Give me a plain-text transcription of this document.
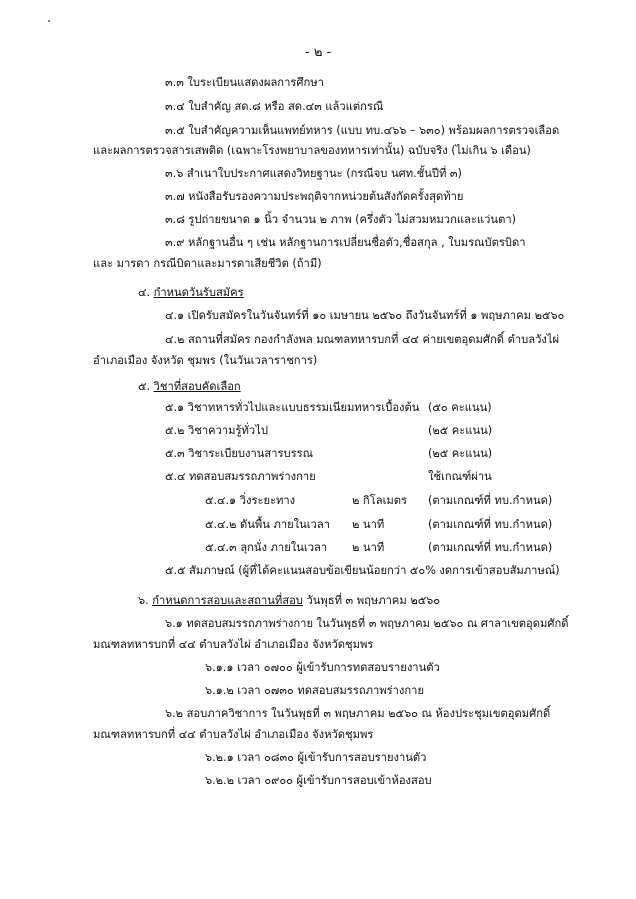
- ๒ -
๓.๓ ใบระเบียนแสดงผลการศึกษา
๓.๔ ใบสำคัญ สด.๘ หรือ สด.๔๓ แล้วแต่กรณี
๓.๕ ใบสำคัญความเห็นแพทย์ทหาร (แบบ ทบ.๔๖๖ – ๖๓๐) พร้อมผลการตรวจเลือด
และผลการตรวจสารเสพติด (เฉพาะโรงพยาบาลของทหารเท่านั้น) ฉบับจริง (ไม่เกิน ๖ เดือน)
๓.๖ สำเนาใบประกาศแสดงวิทยฐานะ (กรณีจบ นศท.ชั้นปีที่ ๓)
๓.๗ หนังสือรับรองความประพฤติจากหน่วยต้นสังกัดครั้งสุดท้าย
๓.๘ รูปถ่ายขนาด ๑ นิ้ว จำนวน ๒ ภาพ (ครึ่งตัว ไม่สวมหมวกและแว่นตา)
๓.๙ หลักฐานอื่น ๆ เช่น หลักฐานการเปลี่ยนชื่อตัว,ชื่อสกุล , ใบมรณบัตรบิดา
และ มารดา กรณีบิดาและมารดาเสียชีวิต (ถ้ามี)
๔. กำหนดวันรับสมัคร
๔.๑ เปิดรับสมัครในวันจันทร์ที่ ๑๐ เมษายน ๒๕๖๐ ถึงวันจันทร์ที่ ๑ พฤษภาคม ๒๕๖๐
๔.๒ สถานที่สมัคร กองกำลังพล มณฑลทหารบกที่ ๔๔ ค่ายเขตอุดมศักดิ์ ตำบลวังไผ่
อำเภอเมือง จังหวัด ชุมพร (ในวันเวลาราชการ)
๕. วิชาที่สอบคัดเลือก
๕.๑ วิชาทหารทั่วไปและแบบธรรมเนียมทหารเบื้องต้น (๕๐ คะแนน)
๕.๒ วิชาความรู้ทั่วไป	(๒๕ คะแนน)
๕.๓ วิชาระเบียบงานสารบรรณ	(๒๕ คะแนน)
๕.๔ ทดสอบสมรรถภาพร่างกาย	ใช้เกณฑ์ผ่าน
๕.๔.๑ วิ่งระยะทาง	๒ กิโลเมตร (ตามเกณฑ์ที่ ทบ.กำหนด)
๕.๔.๒ ดันพื้น ภายในเวลา ๒ นาที	(ตามเกณฑ์ที่ ทบ.กำหนด)
๕.๔.๓ ลุกนั่ง ภายในเวลา ๒ นาที	(ตามเกณฑ์ที่ ทบ.กำหนด)
๕.๕ สัมภาษณ์ (ผู้ที่ได้คะแนนสอบข้อเขียนน้อยกว่า ๕๐% งดการเข้าสอบสัมภาษณ์)
๖. กำหนดการสอบและสถานที่สอบ วันพุธที่ ๓ พฤษภาคม ๒๕๖๐
๖.๑ ทดสอบสมรรถภาพร่างกาย ในวันพุธที่ ๓ พฤษภาคม ๒๕๖๐ ณ ศาลาเขตอุดมศักดิ์
มณฑลทหารบกที่ ๔๔ ตำบลวังไผ่ อำเภอเมือง จังหวัดชุมพร
๖.๑.๑ เวลา ๐๗๐๐ ผู้เข้ารับการทดสอบรายงานตัว
๖.๑.๒ เวลา ๐๗๓๐ ทดสอบสมรรถภาพร่างกาย
๖.๒ สอบภาควิชาการ ในวันพุธที่ ๓ พฤษภาคม ๒๕๖๐ ณ ห้องประชุมเขตอุดมศักดิ์
มณฑลทหารบกที่ ๔๔ ตำบลวังไผ่ อำเภอเมือง จังหวัดชุมพร
๖.๒.๑ เวลา ๐๘๓๐ ผู้เข้ารับการสอบรายงานตัว
๖.๒.๒ เวลา ๐๙๐๐ ผู้เข้ารับการสอบเข้าห้องสอบ
